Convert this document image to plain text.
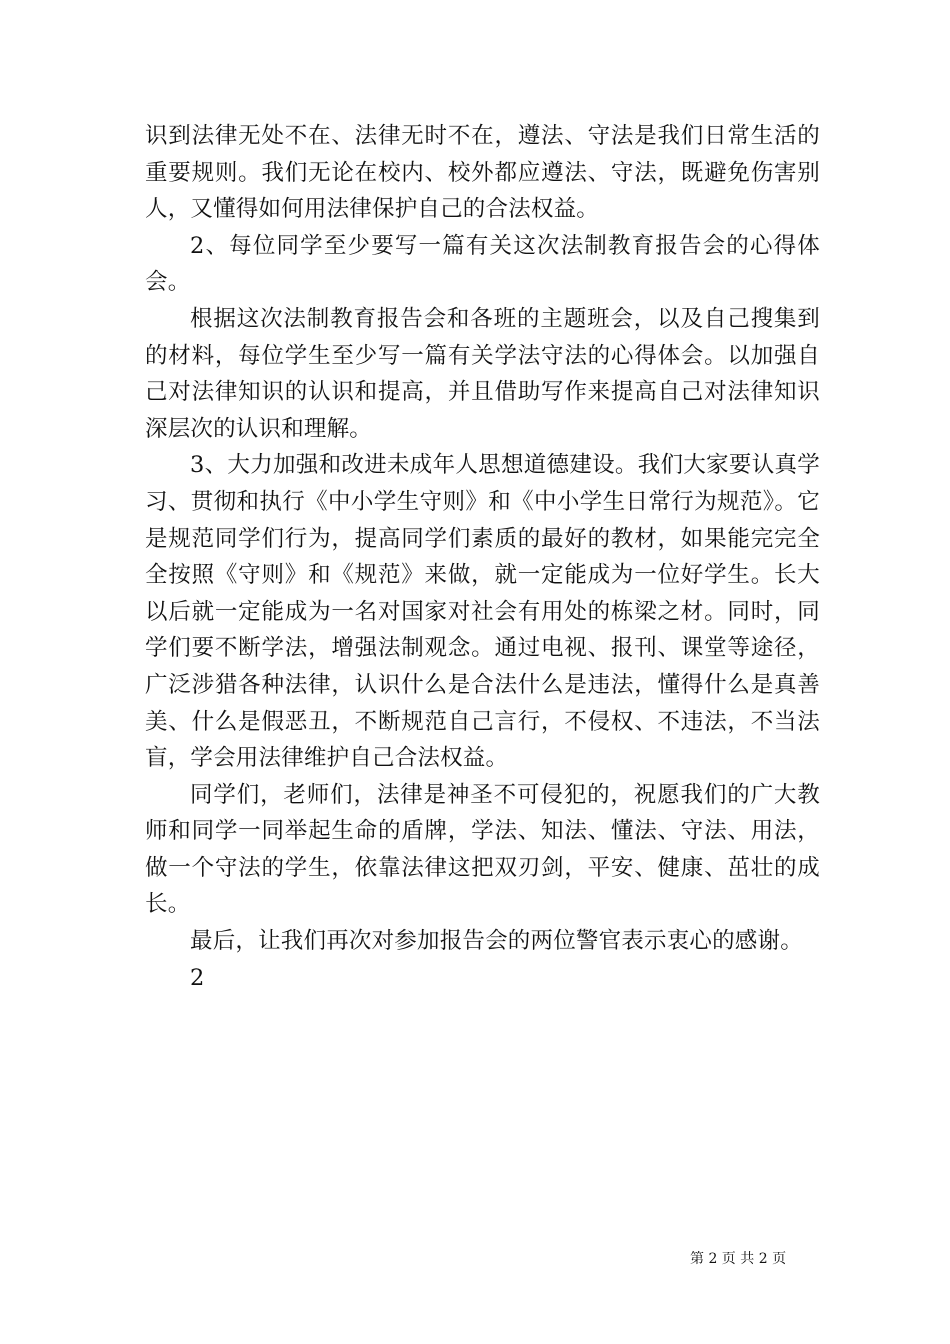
识到法律无处不在、法律无时不在，遵法、守法是我们日常生活的重要规则。我们无论在校内、校外都应遵法、守法，既避免伤害别人，又懂得如何用法律保护自己的合法权益。

2、每位同学至少要写一篇有关这次法制教育报告会的心得体会。

根据这次法制教育报告会和各班的主题班会，以及自己搜集到的材料，每位学生至少写一篇有关学法守法的心得体会。以加强自己对法律知识的认识和提高，并且借助写作来提高自己对法律知识深层次的认识和理解。

3、大力加强和改进未成年人思想道德建设。我们大家要认真学习、贯彻和执行《中小学生守则》和《中小学生日常行为规范》。它是规范同学们行为，提高同学们素质的最好的教材，如果能完完全全按照《守则》和《规范》来做，就一定能成为一位好学生。长大以后就一定能成为一名对国家对社会有用处的栋梁之材。同时，同学们要不断学法，增强法制观念。通过电视、报刊、课堂等途径，广泛涉猎各种法律，认识什么是合法什么是违法，懂得什么是真善美、什么是假恶丑，不断规范自己言行，不侵权、不违法，不当法盲，学会用法律维护自己合法权益。

同学们，老师们，法律是神圣不可侵犯的，祝愿我们的广大教师和同学一同举起生命的盾牌，学法、知法、懂法、守法、用法，做一个守法的学生，依靠法律这把双刃剑，平安、健康、茁壮的成长。

最后，让我们再次对参加报告会的两位警官表示衷心的感谢。

2

第 2 页 共 2 页
